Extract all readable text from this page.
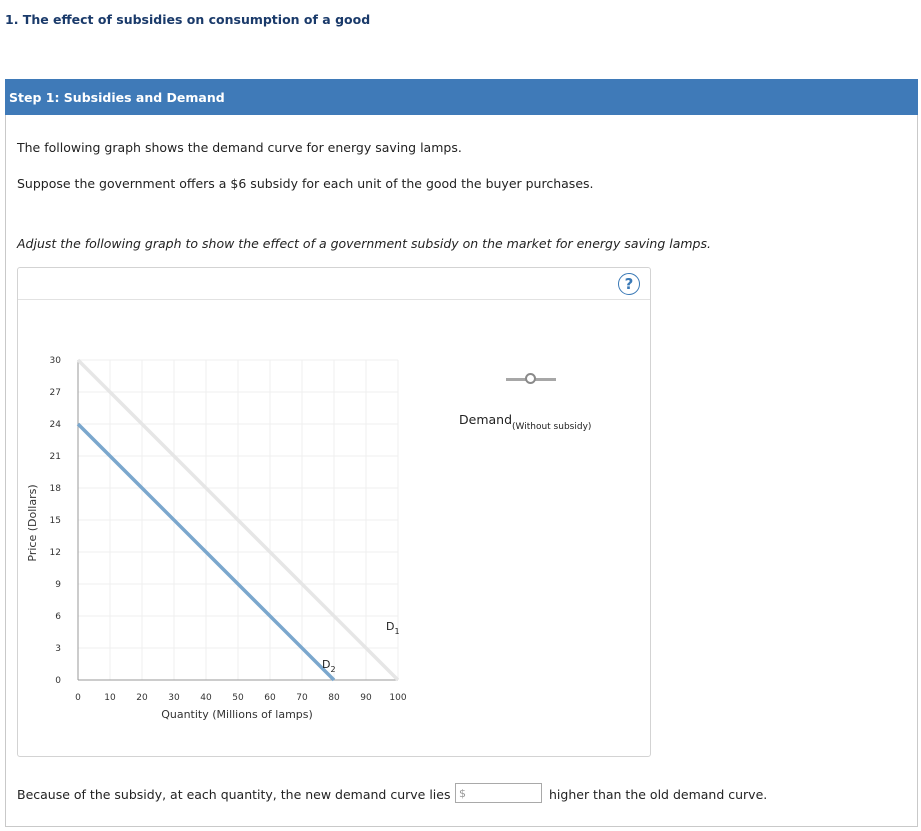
1. The effect of subsidies on consumption of a good
Step 1: Subsidies and Demand
The following graph shows the demand curve for energy saving lamps.
Suppose the government offers a $6 subsidy for each unit of the good the buyer purchases.
Adjust the following graph to show the effect of a government subsidy on the market for energy saving lamps.
?
0	10 20 30 40 50 60 70 80 90 100
0
3
6
9
12
15
18
21
24
27
30
Quantity (Millions of lamps)
Price (Dollars)
$D_1$
$D_2$
Demand$_{(Without subsidy)}$
Because of the subsidy, at each quantity, the new demand curve lies $	higher than the old demand curve.
